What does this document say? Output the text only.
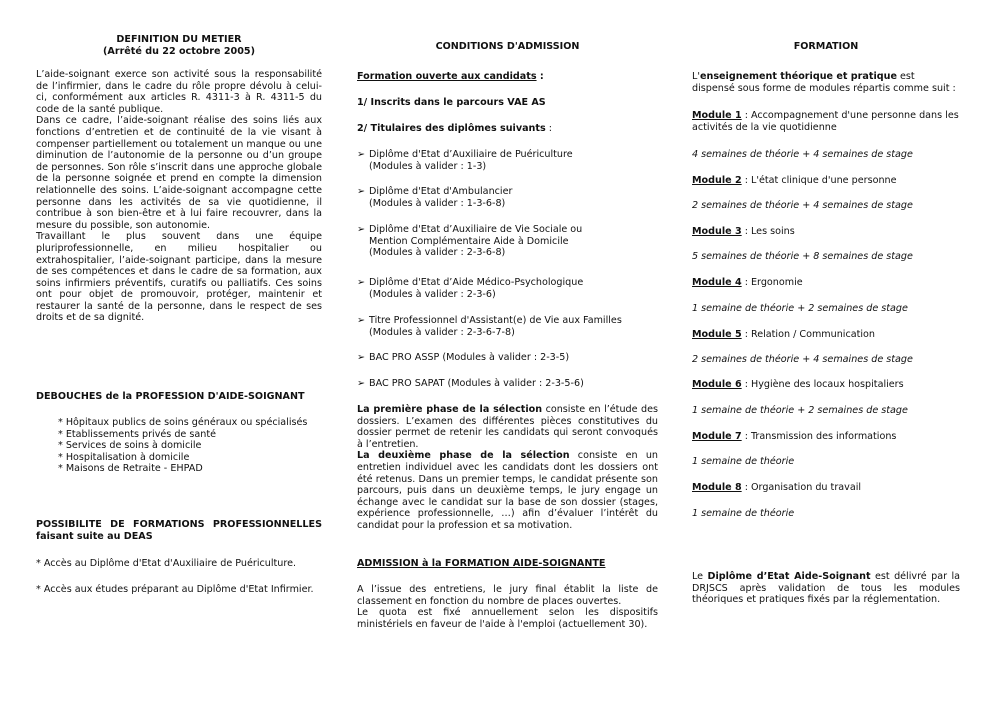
DEFINITION DU METIER
(Arrêté du 22 octobre 2005)

L’aide-soignant exerce son activité sous la responsabilité de l’infirmier, dans le cadre du rôle propre dévolu à celui-ci, conformément aux articles R. 4311-3 à R. 4311-5 du code de la santé publique.

Dans ce cadre, l’aide-soignant réalise des soins liés aux fonctions d’entretien et de continuité de la vie visant à compenser partiellement ou totalement un manque ou une diminution de l’autonomie de la personne ou d’un groupe de personnes. Son rôle s’inscrit dans une approche globale de la personne soignée et prend en compte la dimension relationnelle des soins. L’aide-soignant accompagne cette personne dans les activités de sa vie quotidienne, il contribue à son bien-être et à lui faire recouvrer, dans la mesure du possible, son autonomie.

Travaillant le plus souvent dans une équipe pluriprofessionnelle, en milieu hospitalier ou extrahospitalier, l’aide-soignant participe, dans la mesure de ses compétences et dans le cadre de sa formation, aux soins infirmiers préventifs, curatifs ou palliatifs. Ces soins ont pour objet de promouvoir, protéger, maintenir et restaurer la santé de la personne, dans le respect de ses droits et de sa dignité.

DEBOUCHES de la PROFESSION D'AIDE-SOIGNANT
* Hôpitaux publics de soins généraux ou spécialisés
* Etablissements privés de santé
* Services de soins à domicile
* Hospitalisation à domicile
* Maisons de Retraite - EHPAD
POSSIBILITE DE FORMATIONS PROFESSIONNELLES faisant suite au DEAS
* Accès au Diplôme d'Etat d'Auxiliaire de Puériculture.
* Accès aux études préparant au Diplôme d'Etat Infirmier.
CONDITIONS D'ADMISSION
Formation ouverte aux candidats :
1/ Inscrits dans le parcours VAE AS
2/ Titulaires des diplômes suivants :
➢ Diplôme d'Etat d’Auxiliaire de Puériculture
(Modules à valider : 1-3)
➢ Diplôme d'Etat d'Ambulancier
(Modules à valider : 1-3-6-8)
➢ Diplôme d'Etat d’Auxiliaire de Vie Sociale ou
Mention Complémentaire Aide à Domicile
(Modules à valider : 2-3-6-8)
➢ Diplôme d'Etat d’Aide Médico-Psychologique
(Modules à valider : 2-3-6)
➢ Titre Professionnel d'Assistant(e) de Vie aux Familles
(Modules à valider : 2-3-6-7-8)
➢ BAC PRO ASSP (Modules à valider : 2-3-5)
➢ BAC PRO SAPAT (Modules à valider : 2-3-5-6)

La première phase de la sélection consiste en l’étude des dossiers. L’examen des différentes pièces constitutives du dossier permet de retenir les candidats qui seront convoqués à l’entretien.

La deuxième phase de la sélection consiste en un entretien individuel avec les candidats dont les dossiers ont été retenus. Dans un premier temps, le candidat présente son parcours, puis dans un deuxième temps, le jury engage un échange avec le candidat sur la base de son dossier (stages, expérience professionnelle, …) afin d’évaluer l’intérêt du candidat pour la profession et sa motivation.

ADMISSION à la FORMATION AIDE-SOIGNANTE

A l’issue des entretiens, le jury final établit la liste de classement en fonction du nombre de places ouvertes.

Le quota est fixé annuellement selon les dispositifs ministériels en faveur de l'aide à l'emploi (actuellement 30).

FORMATION
L'enseignement théorique et pratique est dispensé sous forme de modules répartis comme suit :
Module 1 : Accompagnement d'une personne dans les activités de la vie quotidienne
4 semaines de théorie + 4 semaines de stage
Module 2 : L'état clinique d'une personne
2 semaines de théorie + 4 semaines de stage
Module 3 : Les soins
5 semaines de théorie + 8 semaines de stage
Module 4 : Ergonomie
1 semaine de théorie + 2 semaines de stage
Module 5 : Relation / Communication
2 semaines de théorie + 4 semaines de stage
Module 6 : Hygiène des locaux hospitaliers
1 semaine de théorie + 2 semaines de stage
Module 7 : Transmission des informations
1 semaine de théorie
Module 8 : Organisation du travail
1 semaine de théorie
Le Diplôme d’Etat Aide-Soignant est délivré par la DRJSCS après validation de tous les modules théoriques et pratiques fixés par la réglementation.
